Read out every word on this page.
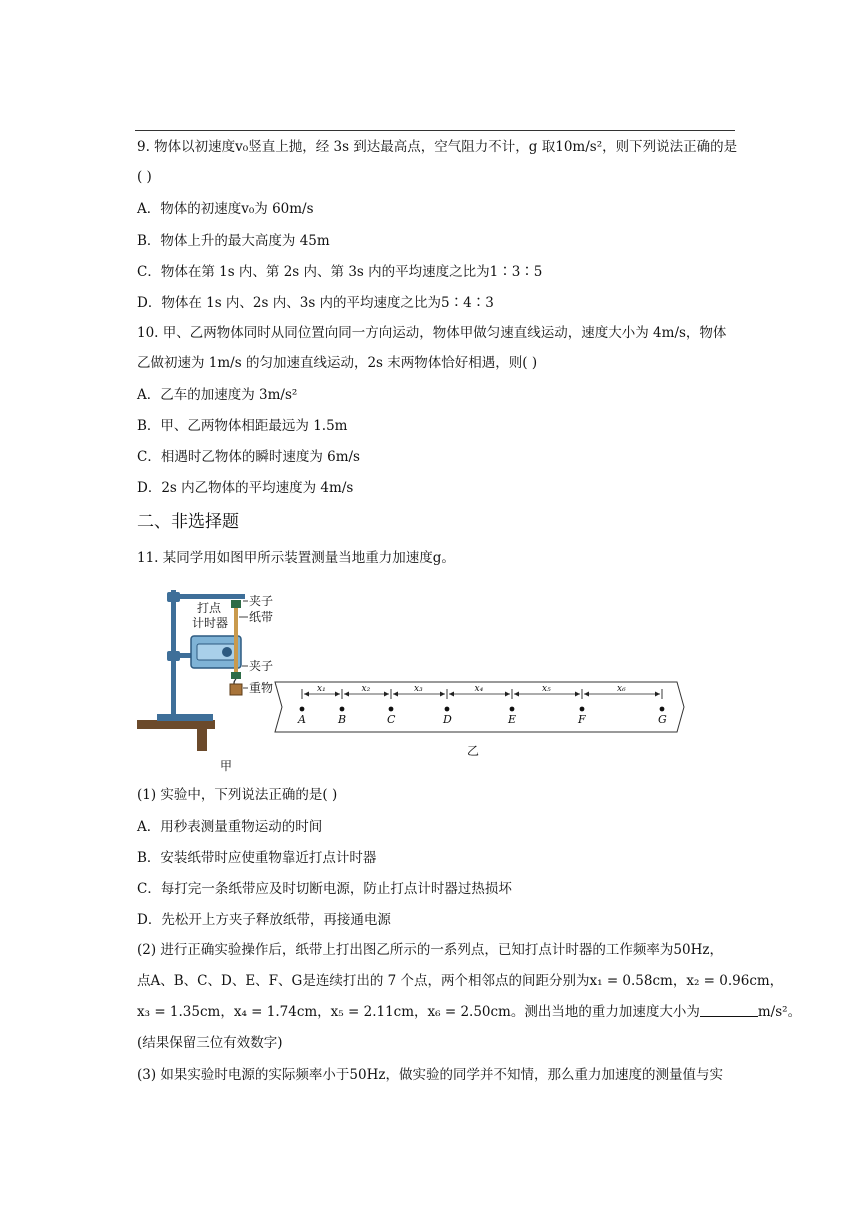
9. 物体以初速度v₀竖直上抛，经 3s 到达最高点，空气阻力不计，g 取10m/s²，则下列说法正确的是
( )
A．物体的初速度v₀为 60m/s
B．物体上升的最大高度为 45m
C．物体在第 1s 内、第 2s 内、第 3s 内的平均速度之比为1∶3∶5
D．物体在 1s 内、2s 内、3s 内的平均速度之比为5∶4∶3
10. 甲、乙两物体同时从同位置向同一方向运动，物体甲做匀速直线运动，速度大小为 4m/s，物体
乙做初速为 1m/s 的匀加速直线运动，2s 末两物体恰好相遇，则( )
A．乙车的加速度为 3m/s²
B．甲、乙两物体相距最远为 1.5m
C．相遇时乙物体的瞬时速度为 6m/s
D．2s 内乙物体的平均速度为 4m/s
二、非选择题
11. 某同学用如图甲所示装置测量当地重力加速度g。
打点
计时器
夹子
纸带
夹子
重物
甲
A	B	C	D	E	F	G
x₁	x₂	x₃	x₄	x₅	x₆
乙
(1) 实验中，下列说法正确的是( )
A．用秒表测量重物运动的时间
B．安装纸带时应使重物靠近打点计时器
C．每打完一条纸带应及时切断电源，防止打点计时器过热损坏
D．先松开上方夹子释放纸带，再接通电源
(2) 进行正确实验操作后，纸带上打出图乙所示的一系列点，已知打点计时器的工作频率为50Hz，
点A、B、C、D、E、F、G是连续打出的 7 个点，两个相邻点的间距分别为x₁ = 0.58cm，x₂ = 0.96cm，
x₃ = 1.35cm，x₄ = 1.74cm，x₅ = 2.11cm，x₆ = 2.50cm。测出当地的重力加速度大小为	m/s²。
(结果保留三位有效数字)
(3) 如果实验时电源的实际频率小于50Hz，做实验的同学并不知情，那么重力加速度的测量值与实
